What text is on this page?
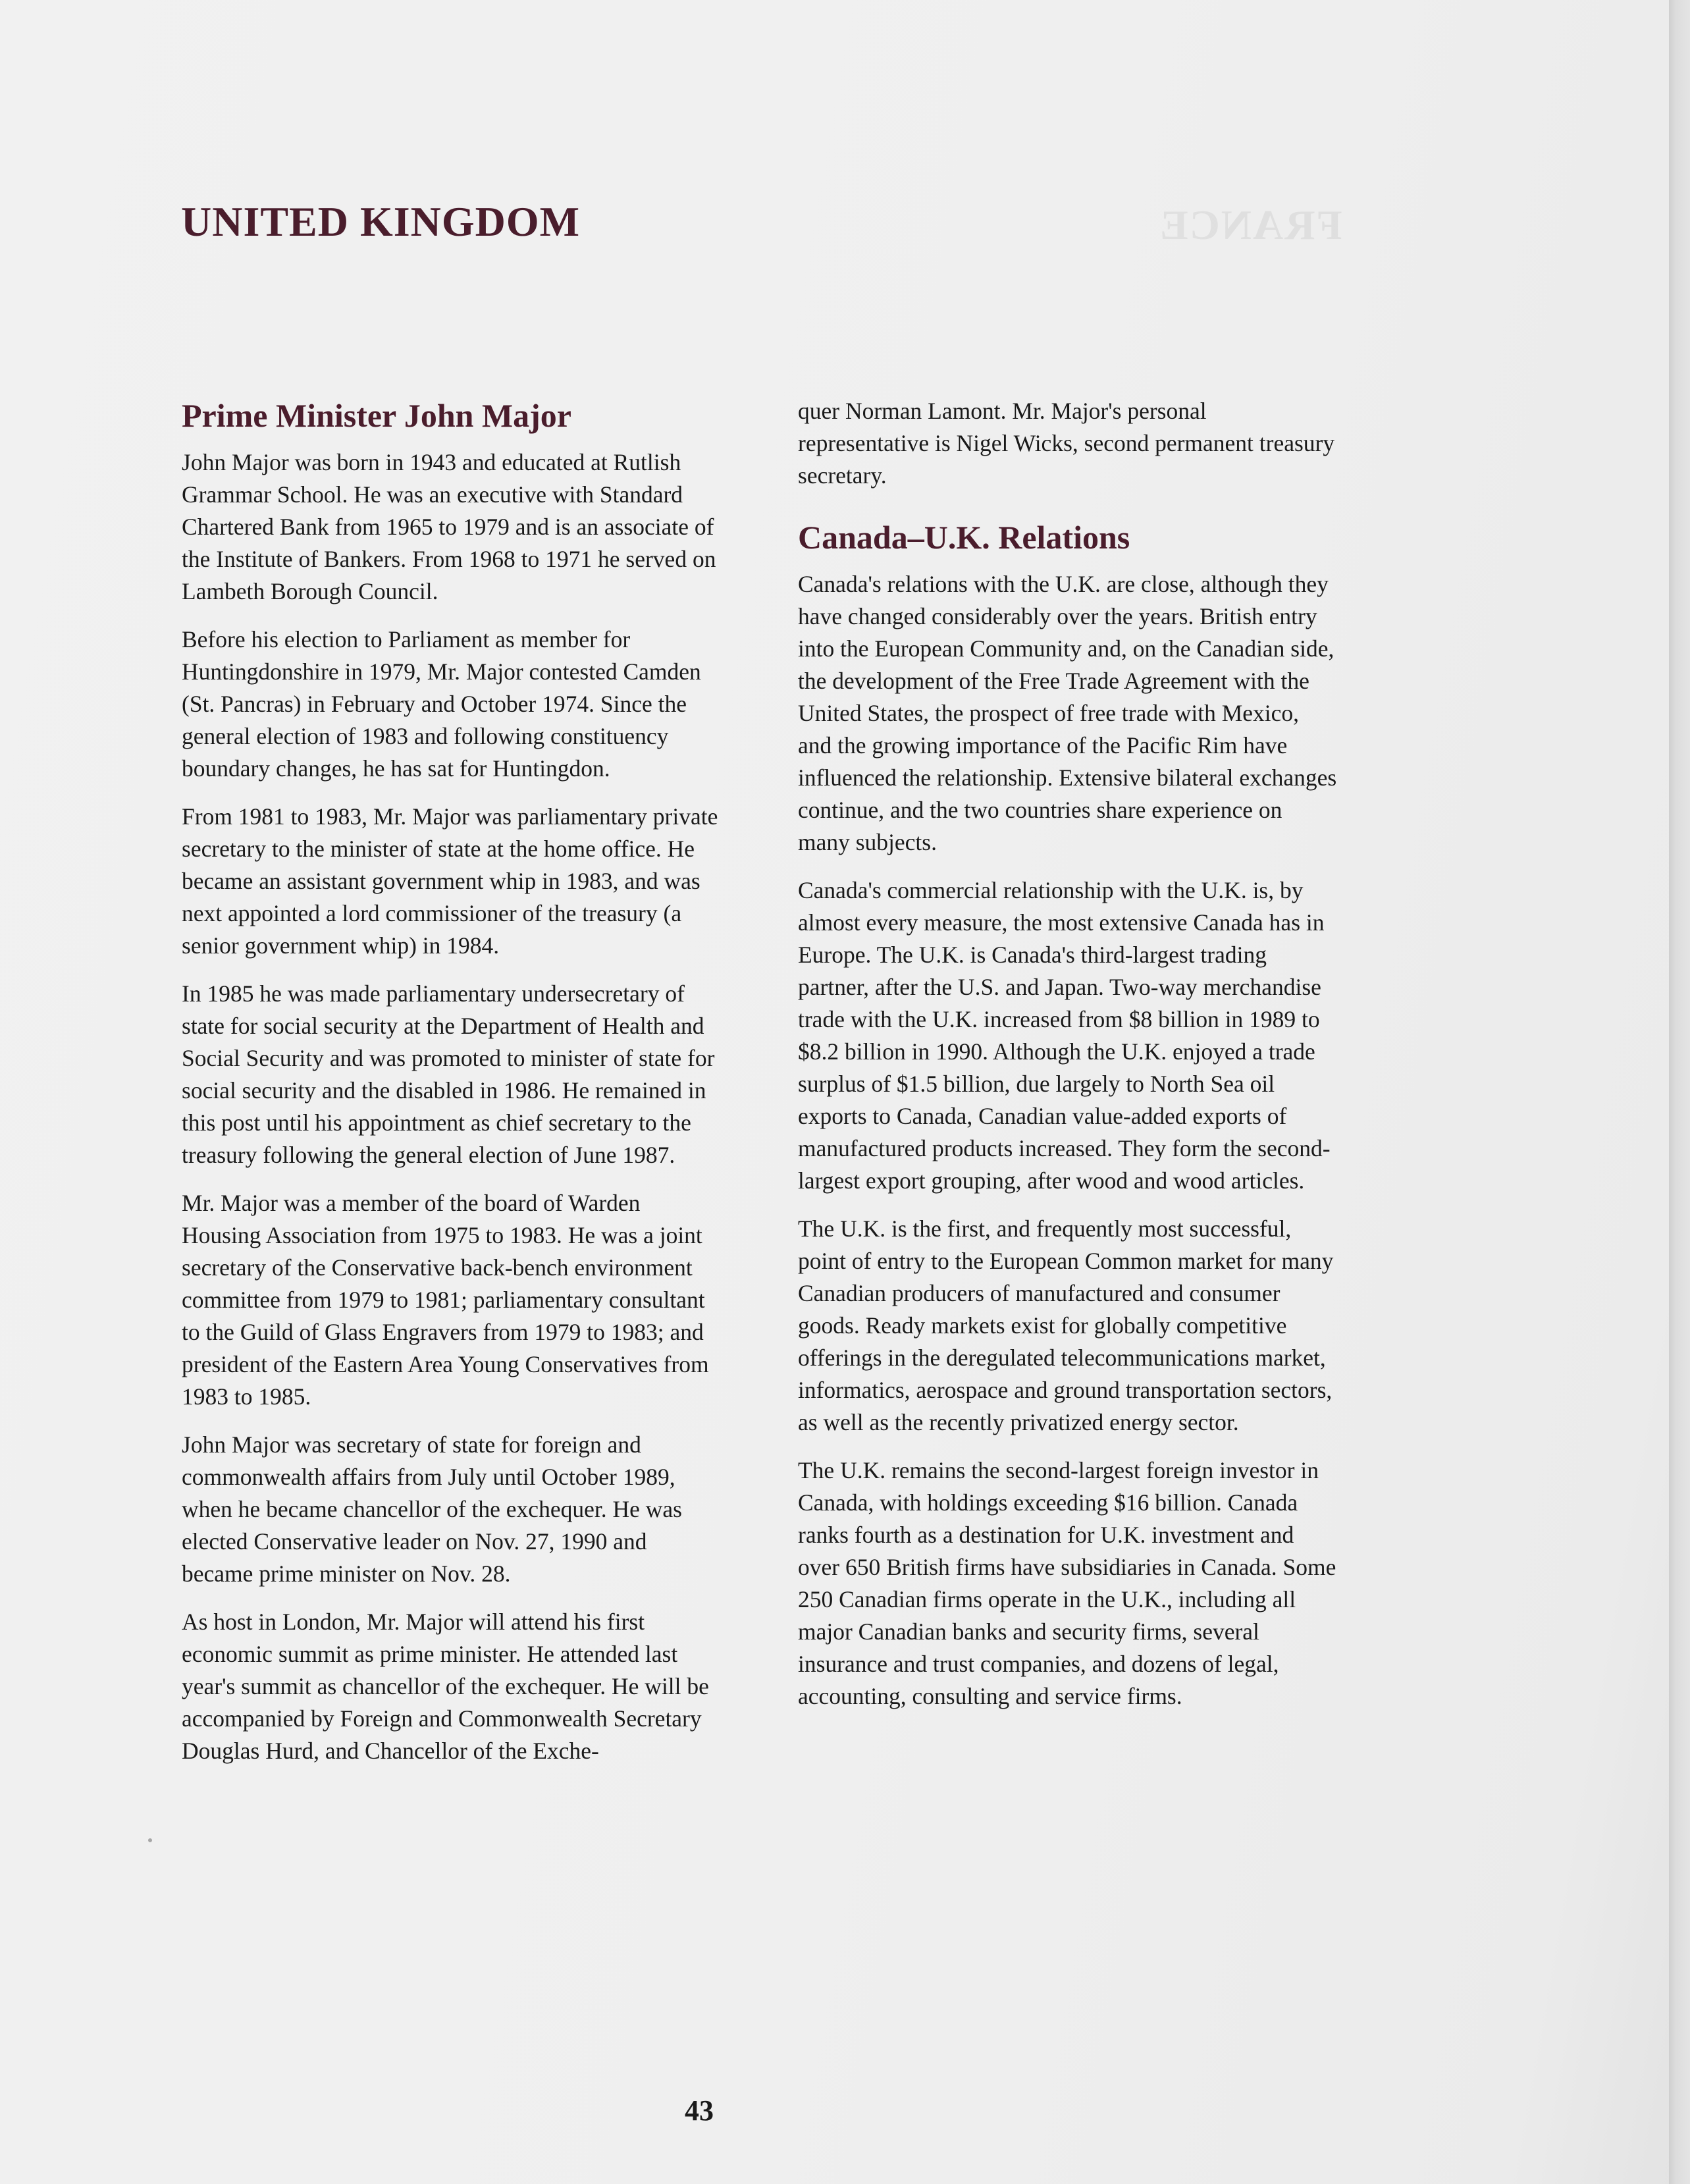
FRANCE
UNITED KINGDOM
Prime Minister John Major

John Major was born in 1943 and educated at Rutlish Grammar School. He was an executive with Standard Chartered Bank from 1965 to 1979 and is an associate of the Institute of Bankers. From 1968 to 1971 he served on Lambeth Borough Council.

Before his election to Parliament as member for Huntingdonshire in 1979, Mr. Major contested Camden (St. Pancras) in February and October 1974. Since the general election of 1983 and following constituency boundary changes, he has sat for Huntingdon.

From 1981 to 1983, Mr. Major was parliamentary private secretary to the minister of state at the home office. He became an assistant government whip in 1983, and was next appointed a lord commissioner of the treasury (a senior government whip) in 1984.

In 1985 he was made parliamentary undersecretary of state for social security at the Department of Health and Social Security and was promoted to minister of state for social security and the disabled in 1986. He remained in this post until his appointment as chief secretary to the treasury following the general election of June 1987.

Mr. Major was a member of the board of Warden Housing Association from 1975 to 1983. He was a joint secretary of the Conservative back-bench environment committee from 1979 to 1981; parliamentary consultant to the Guild of Glass Engravers from 1979 to 1983; and president of the Eastern Area Young Conservatives from 1983 to 1985.

John Major was secretary of state for foreign and commonwealth affairs from July until October 1989, when he became chancellor of the exchequer. He was elected Conservative leader on Nov. 27, 1990 and became prime minister on Nov. 28.

As host in London, Mr. Major will attend his first economic summit as prime minister. He attended last year's summit as chancellor of the exchequer. He will be accompanied by Foreign and Commonwealth Secretary Douglas Hurd, and Chancellor of the Exche-

quer Norman Lamont. Mr. Major's personal representative is Nigel Wicks, second permanent treasury secretary.

Canada–U.K. Relations

Canada's relations with the U.K. are close, although they have changed considerably over the years. British entry into the European Community and, on the Canadian side, the development of the Free Trade Agreement with the United States, the prospect of free trade with Mexico, and the growing importance of the Pacific Rim have influenced the relationship. Extensive bilateral exchanges continue, and the two countries share experience on many subjects.

Canada's commercial relationship with the U.K. is, by almost every measure, the most extensive Canada has in Europe. The U.K. is Canada's third-largest trading partner, after the U.S. and Japan. Two-way merchandise trade with the U.K. increased from $8 billion in 1989 to $8.2 billion in 1990. Although the U.K. enjoyed a trade surplus of $1.5 billion, due largely to North Sea oil exports to Canada, Canadian value-added exports of manufactured products increased. They form the second-largest export grouping, after wood and wood articles.

The U.K. is the first, and frequently most successful, point of entry to the European Common market for many Canadian producers of manufactured and consumer goods. Ready markets exist for globally competitive offerings in the deregulated telecommunications market, informatics, aerospace and ground transportation sectors, as well as the recently privatized energy sector.

The U.K. remains the second-largest foreign investor in Canada, with holdings exceeding $16 billion. Canada ranks fourth as a destination for U.K. investment and over 650 British firms have subsidiaries in Canada. Some 250 Canadian firms operate in the U.K., including all major Canadian banks and security firms, several insurance and trust companies, and dozens of legal, accounting, consulting and service firms.

43
